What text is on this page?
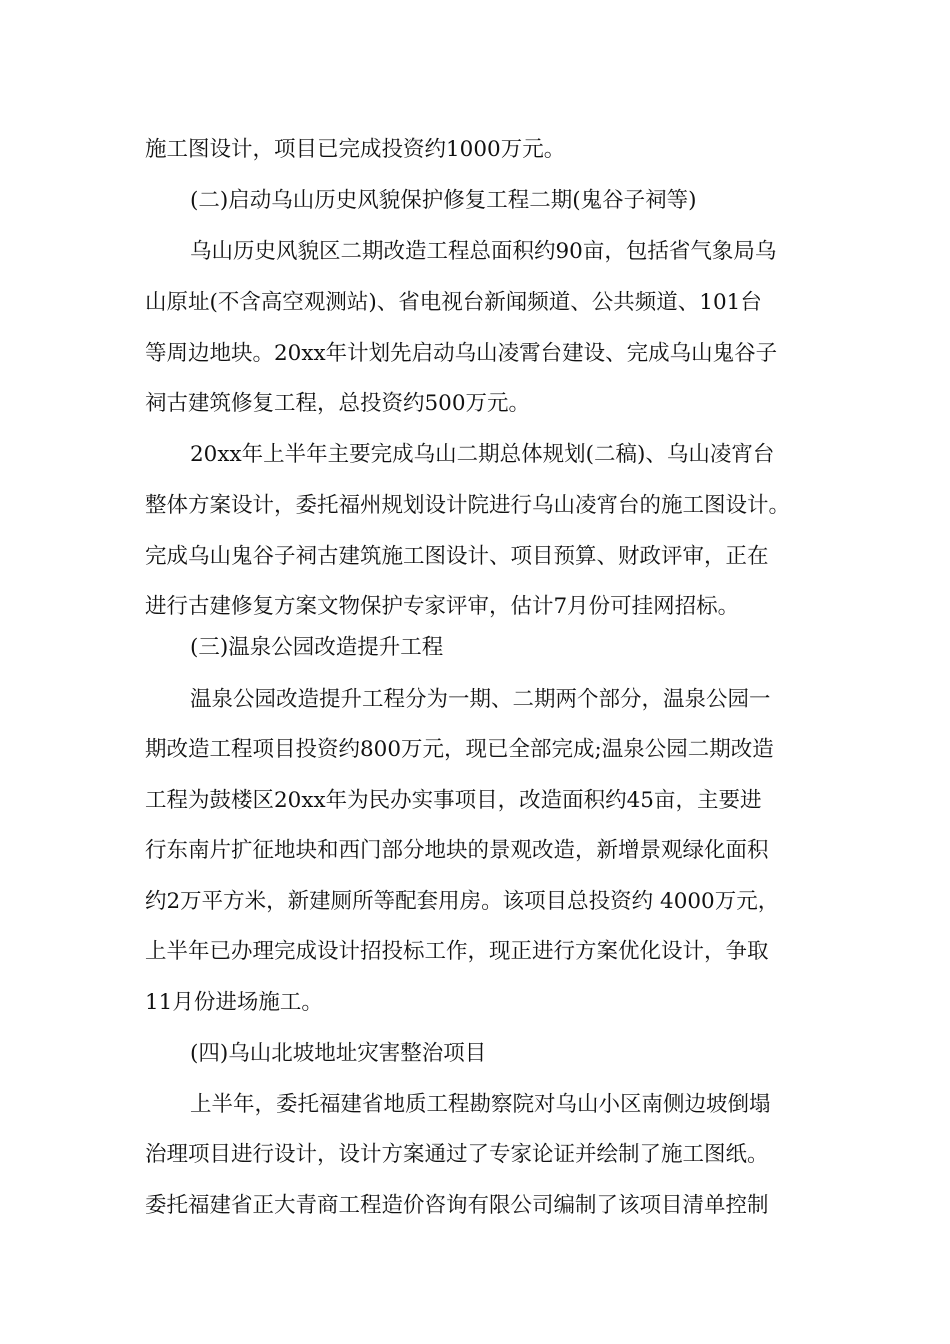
施工图设计，项目已完成投资约1000万元。
(二)启动乌山历史风貌保护修复工程二期(鬼谷子祠等)
乌山历史风貌区二期改造工程总面积约90亩，包括省气象局乌
山原址(不含高空观测站)、省电视台新闻频道、公共频道、101台
等周边地块。20xx年计划先启动乌山凌霄台建设、完成乌山鬼谷子
祠古建筑修复工程，总投资约500万元。
20xx年上半年主要完成乌山二期总体规划(二稿)、乌山凌宵台
整体方案设计，委托福州规划设计院进行乌山凌宵台的施工图设计。
完成乌山鬼谷子祠古建筑施工图设计、项目预算、财政评审，正在
进行古建修复方案文物保护专家评审，估计7月份可挂网招标。
(三)温泉公园改造提升工程
温泉公园改造提升工程分为一期、二期两个部分，温泉公园一
期改造工程项目投资约800万元，现已全部完成;温泉公园二期改造
工程为鼓楼区20xx年为民办实事项目，改造面积约45亩，主要进
行东南片扩征地块和西门部分地块的景观改造，新增景观绿化面积
约2万平方米，新建厕所等配套用房。该项目总投资约 4000万元，
上半年已办理完成设计招投标工作，现正进行方案优化设计，争取
11月份进场施工。
(四)乌山北坡地址灾害整治项目
上半年，委托福建省地质工程勘察院对乌山小区南侧边坡倒塌
治理项目进行设计，设计方案通过了专家论证并绘制了施工图纸。
委托福建省正大青商工程造价咨询有限公司编制了该项目清单控制
